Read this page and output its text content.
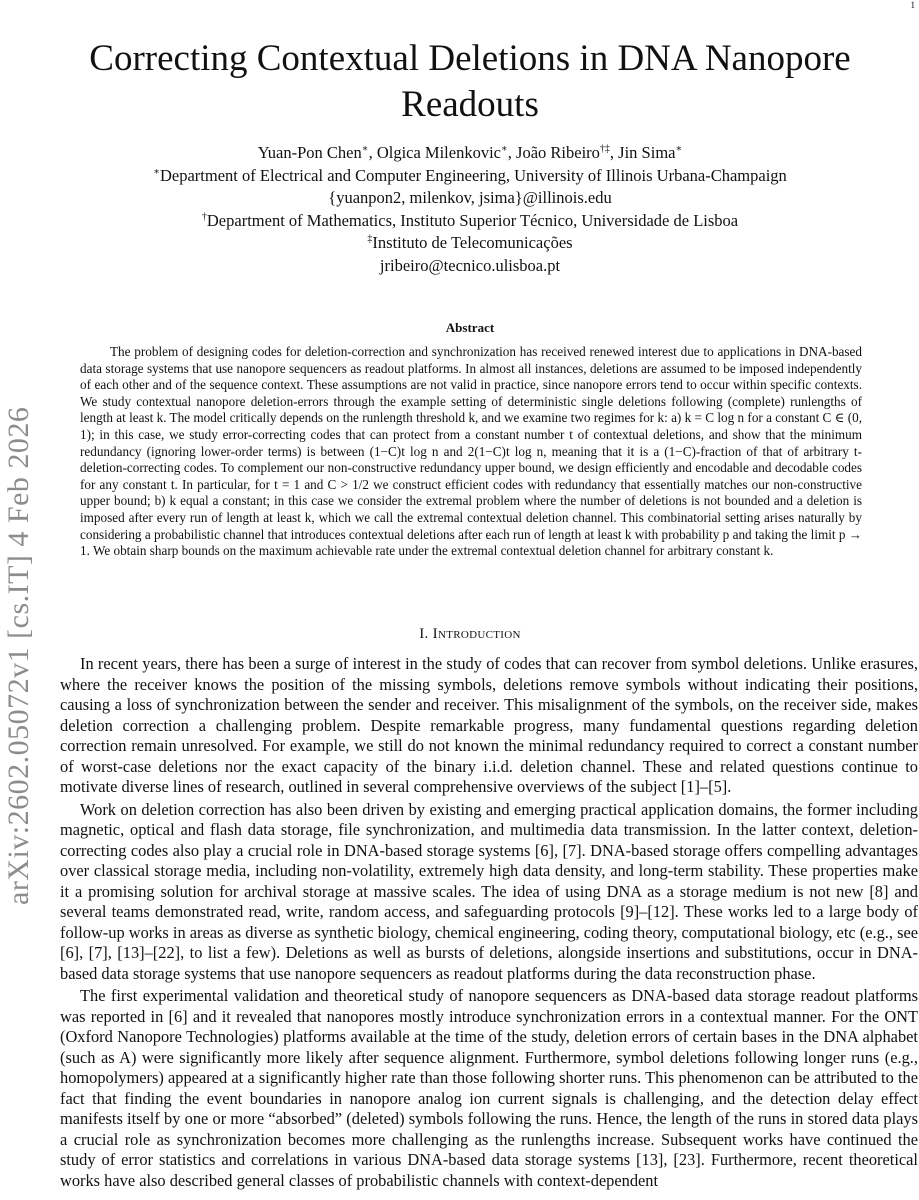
1
arXiv:2602.05072v1 [cs.IT] 4 Feb 2026
Correcting Contextual Deletions in DNA Nanopore Readouts
Yuan-Pon Chen∗, Olgica Milenkovic∗, João Ribeiro†‡, Jin Sima∗
∗Department of Electrical and Computer Engineering, University of Illinois Urbana-Champaign
{yuanpon2, milenkov, jsima}@illinois.edu
†Department of Mathematics, Instituto Superior Técnico, Universidade de Lisboa
‡Instituto de Telecomunicações
jribeiro@tecnico.ulisboa.pt
Abstract

The problem of designing codes for deletion-correction and synchronization has received renewed interest due to applications in DNA-based data storage systems that use nanopore sequencers as readout platforms. In almost all instances, deletions are assumed to be imposed independently of each other and of the sequence context. These assumptions are not valid in practice, since nanopore errors tend to occur within specific contexts. We study contextual nanopore deletion-errors through the example setting of deterministic single deletions following (complete) runlengths of length at least k. The model critically depends on the runlength threshold k, and we examine two regimes for k: a) k = C log n for a constant C ∈ (0, 1); in this case, we study error-correcting codes that can protect from a constant number t of contextual deletions, and show that the minimum redundancy (ignoring lower-order terms) is between (1−C)t log n and 2(1−C)t log n, meaning that it is a (1−C)-fraction of that of arbitrary t-deletion-correcting codes. To complement our non-constructive redundancy upper bound, we design efficiently and encodable and decodable codes for any constant t. In particular, for t = 1 and C > 1/2 we construct efficient codes with redundancy that essentially matches our non-constructive upper bound; b) k equal a constant; in this case we consider the extremal problem where the number of deletions is not bounded and a deletion is imposed after every run of length at least k, which we call the extremal contextual deletion channel. This combinatorial setting arises naturally by considering a probabilistic channel that introduces contextual deletions after each run of length at least k with probability p and taking the limit p → 1. We obtain sharp bounds on the maximum achievable rate under the extremal contextual deletion channel for arbitrary constant k.

I. Introduction

In recent years, there has been a surge of interest in the study of codes that can recover from symbol deletions. Unlike erasures, where the receiver knows the position of the missing symbols, deletions remove symbols without indicating their positions, causing a loss of synchronization between the sender and receiver. This misalignment of the symbols, on the receiver side, makes deletion correction a challenging problem. Despite remarkable progress, many fundamental questions regarding deletion correction remain unresolved. For example, we still do not known the minimal redundancy required to correct a constant number of worst-case deletions nor the exact capacity of the binary i.i.d. deletion channel. These and related questions continue to motivate diverse lines of research, outlined in several comprehensive overviews of the subject [1]–[5].

Work on deletion correction has also been driven by existing and emerging practical application domains, the former including magnetic, optical and flash data storage, file synchronization, and multimedia data transmission. In the latter context, deletion-correcting codes also play a crucial role in DNA-based storage systems [6], [7]. DNA-based storage offers compelling advantages over classical storage media, including non-volatility, extremely high data density, and long-term stability. These properties make it a promising solution for archival storage at massive scales. The idea of using DNA as a storage medium is not new [8] and several teams demonstrated read, write, random access, and safeguarding protocols [9]–[12]. These works led to a large body of follow-up works in areas as diverse as synthetic biology, chemical engineering, coding theory, computational biology, etc (e.g., see [6], [7], [13]–[22], to list a few). Deletions as well as bursts of deletions, alongside insertions and substitutions, occur in DNA-based data storage systems that use nanopore sequencers as readout platforms during the data reconstruction phase.

The first experimental validation and theoretical study of nanopore sequencers as DNA-based data storage readout platforms was reported in [6] and it revealed that nanopores mostly introduce synchronization errors in a contextual manner. For the ONT (Oxford Nanopore Technologies) platforms available at the time of the study, deletion errors of certain bases in the DNA alphabet (such as A) were significantly more likely after sequence alignment. Furthermore, symbol deletions following longer runs (e.g., homopolymers) appeared at a significantly higher rate than those following shorter runs. This phenomenon can be attributed to the fact that finding the event boundaries in nanopore analog ion current signals is challenging, and the detection delay effect manifests itself by one or more “absorbed” (deleted) symbols following the runs. Hence, the length of the runs in stored data plays a crucial role as synchronization becomes more challenging as the runlengths increase. Subsequent works have continued the study of error statistics and correlations in various DNA-based data storage systems [13], [23]. Furthermore, recent theoretical works have also described general classes of probabilistic channels with context-dependent
